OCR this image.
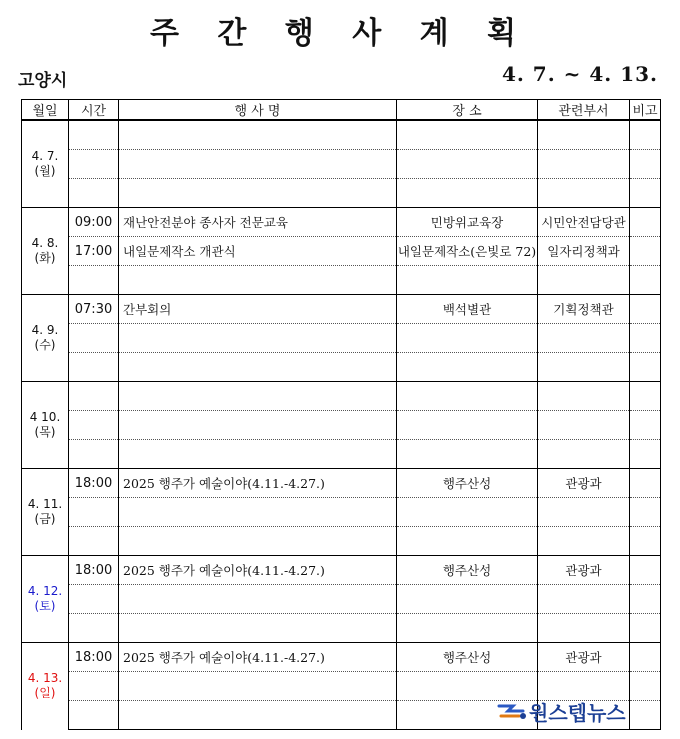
주 간 행 사 계 획
고양시	4. 7. ~ 4. 13.
월일	시간	행 사 명	장 소	관련부서	비고

4. 7.
(월)					

4. 8.
(화)	09:00	재난안전분야 종사자 전문교육	민방위교육장	시민안전담당관	
	17:00	내일문제작소 개관식	내일문제작소(은빛로 72)	일자리정책과	

4. 9.
(수)	07:30	간부회의	백석별관	기획정책관	

4 10.
(목)					

4. 11.
(금)	18:00	2025 행주가 예술이야(4.11.-4.27.)	행주산성	관광과	

4. 12.
(토)	18:00	2025 행주가 예술이야(4.11.-4.27.)	행주산성	관광과	

4. 13.
(일)	18:00	2025 행주가 예술이야(4.11.-4.27.)	행주산성	관광과	

원스텝뉴스
